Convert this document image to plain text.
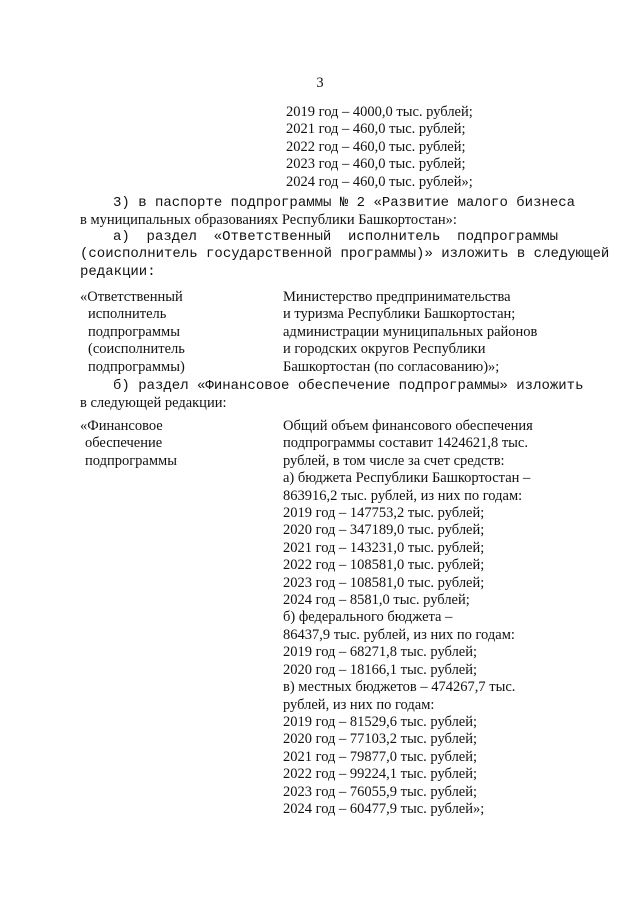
3
2019 год – 4000,0 тыс. рублей;
2021 год – 460,0 тыс. рублей;
2022 год – 460,0 тыс. рублей;
2023 год – 460,0 тыс. рублей;
2024 год – 460,0 тыс. рублей»;
3) в паспорте подпрограммы № 2 «Развитие малого бизнеса
в муниципальных образованиях Республики Башкортостан»:
а) раздел «Ответственный исполнитель подпрограммы
(соисполнитель государственной программы)» изложить в следующей
редакции:
«Ответственный
исполнитель
подпрограммы
(соисполнитель
подпрограммы)
Министерство предпринимательства
и туризма Республики Башкортостан;
администрации муниципальных районов
и городских округов Республики
Башкортостан (по согласованию)»;
б) раздел «Финансовое обеспечение подпрограммы» изложить
в следующей редакции:
«Финансовое
обеспечение
подпрограммы
Общий объем финансового обеспечения
подпрограммы составит 1424621,8 тыс.
рублей, в том числе за счет средств:
а) бюджета Республики Башкортостан –
863916,2 тыс. рублей, из них по годам:
2019 год – 147753,2 тыс. рублей;
2020 год – 347189,0 тыс. рублей;
2021 год – 143231,0 тыс. рублей;
2022 год – 108581,0 тыс. рублей;
2023 год – 108581,0 тыс. рублей;
2024 год – 8581,0 тыс. рублей;
б) федерального бюджета –
86437,9 тыс. рублей, из них по годам:
2019 год – 68271,8 тыс. рублей;
2020 год – 18166,1 тыс. рублей;
в) местных бюджетов – 474267,7 тыс.
рублей, из них по годам:
2019 год – 81529,6 тыс. рублей;
2020 год – 77103,2 тыс. рублей;
2021 год – 79877,0 тыс. рублей;
2022 год – 99224,1 тыс. рублей;
2023 год – 76055,9 тыс. рублей;
2024 год – 60477,9 тыс. рублей»;
